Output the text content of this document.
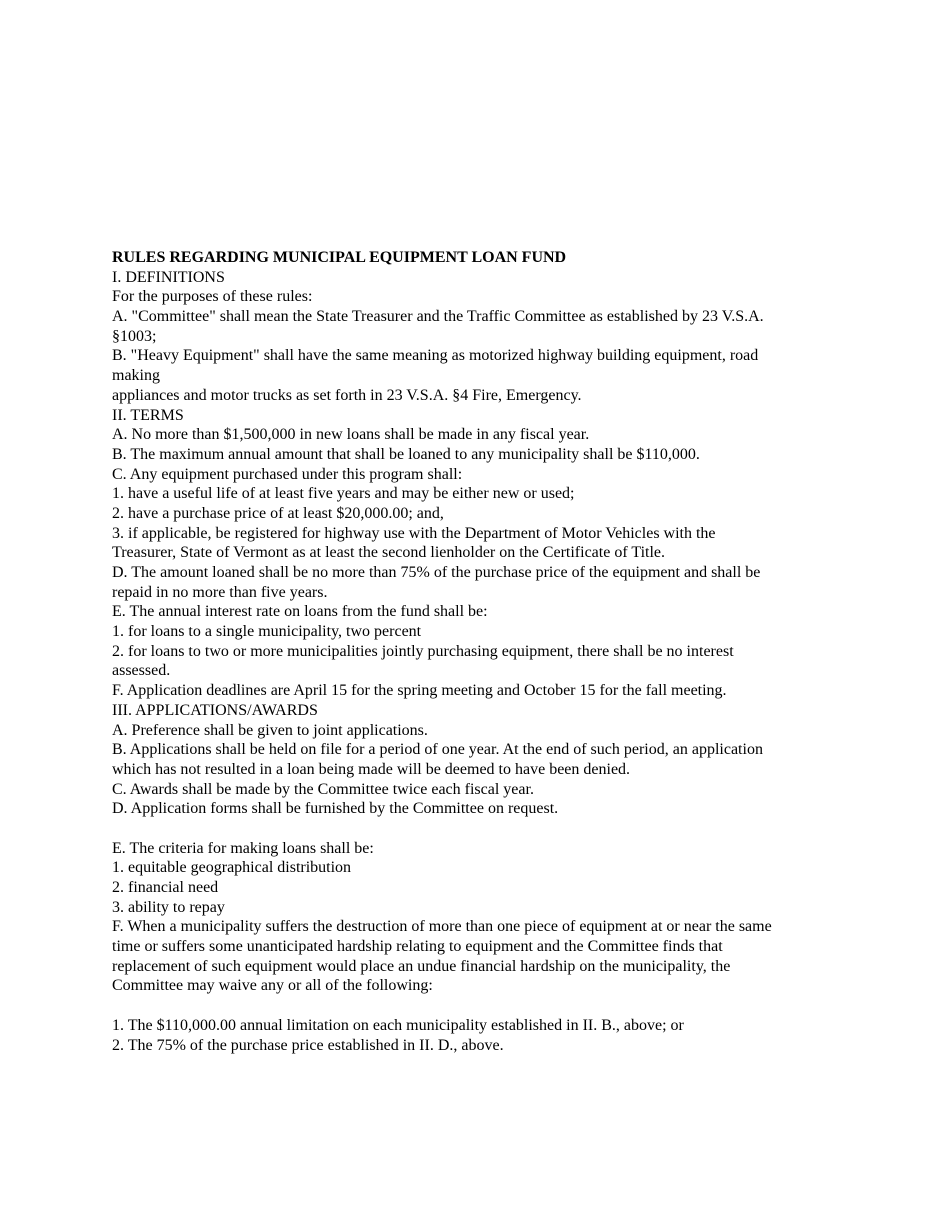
RULES REGARDING MUNICIPAL EQUIPMENT LOAN FUND
I. DEFINITIONS
For the purposes of these rules:
A. "Committee" shall mean the State Treasurer and the Traffic Committee as established by 23 V.S.A.
§1003;
B. "Heavy Equipment" shall have the same meaning as motorized highway building equipment, road
making
appliances and motor trucks as set forth in 23 V.S.A. §4 Fire, Emergency.
II. TERMS
A. No more than $1,500,000 in new loans shall be made in any fiscal year.
B. The maximum annual amount that shall be loaned to any municipality shall be $110,000.
C. Any equipment purchased under this program shall:
1. have a useful life of at least five years and may be either new or used;
2. have a purchase price of at least $20,000.00; and,
3. if applicable, be registered for highway use with the Department of Motor Vehicles with the
Treasurer, State of Vermont as at least the second lienholder on the Certificate of Title.
D. The amount loaned shall be no more than 75% of the purchase price of the equipment and shall be
repaid in no more than five years.
E. The annual interest rate on loans from the fund shall be:
1. for loans to a single municipality, two percent
2. for loans to two or more municipalities jointly purchasing equipment, there shall be no interest
assessed.
F. Application deadlines are April 15 for the spring meeting and October 15 for the fall meeting.
III. APPLICATIONS/AWARDS
A. Preference shall be given to joint applications.
B. Applications shall be held on file for a period of one year. At the end of such period, an application
which has not resulted in a loan being made will be deemed to have been denied.
C. Awards shall be made by the Committee twice each fiscal year.
D. Application forms shall be furnished by the Committee on request.
E. The criteria for making loans shall be:
1. equitable geographical distribution
2. financial need
3. ability to repay
F. When a municipality suffers the destruction of more than one piece of equipment at or near the same
time or suffers some unanticipated hardship relating to equipment and the Committee finds that
replacement of such equipment would place an undue financial hardship on the municipality, the
Committee may waive any or all of the following:
1. The $110,000.00 annual limitation on each municipality established in II. B., above; or
2. The 75% of the purchase price established in II. D., above.
